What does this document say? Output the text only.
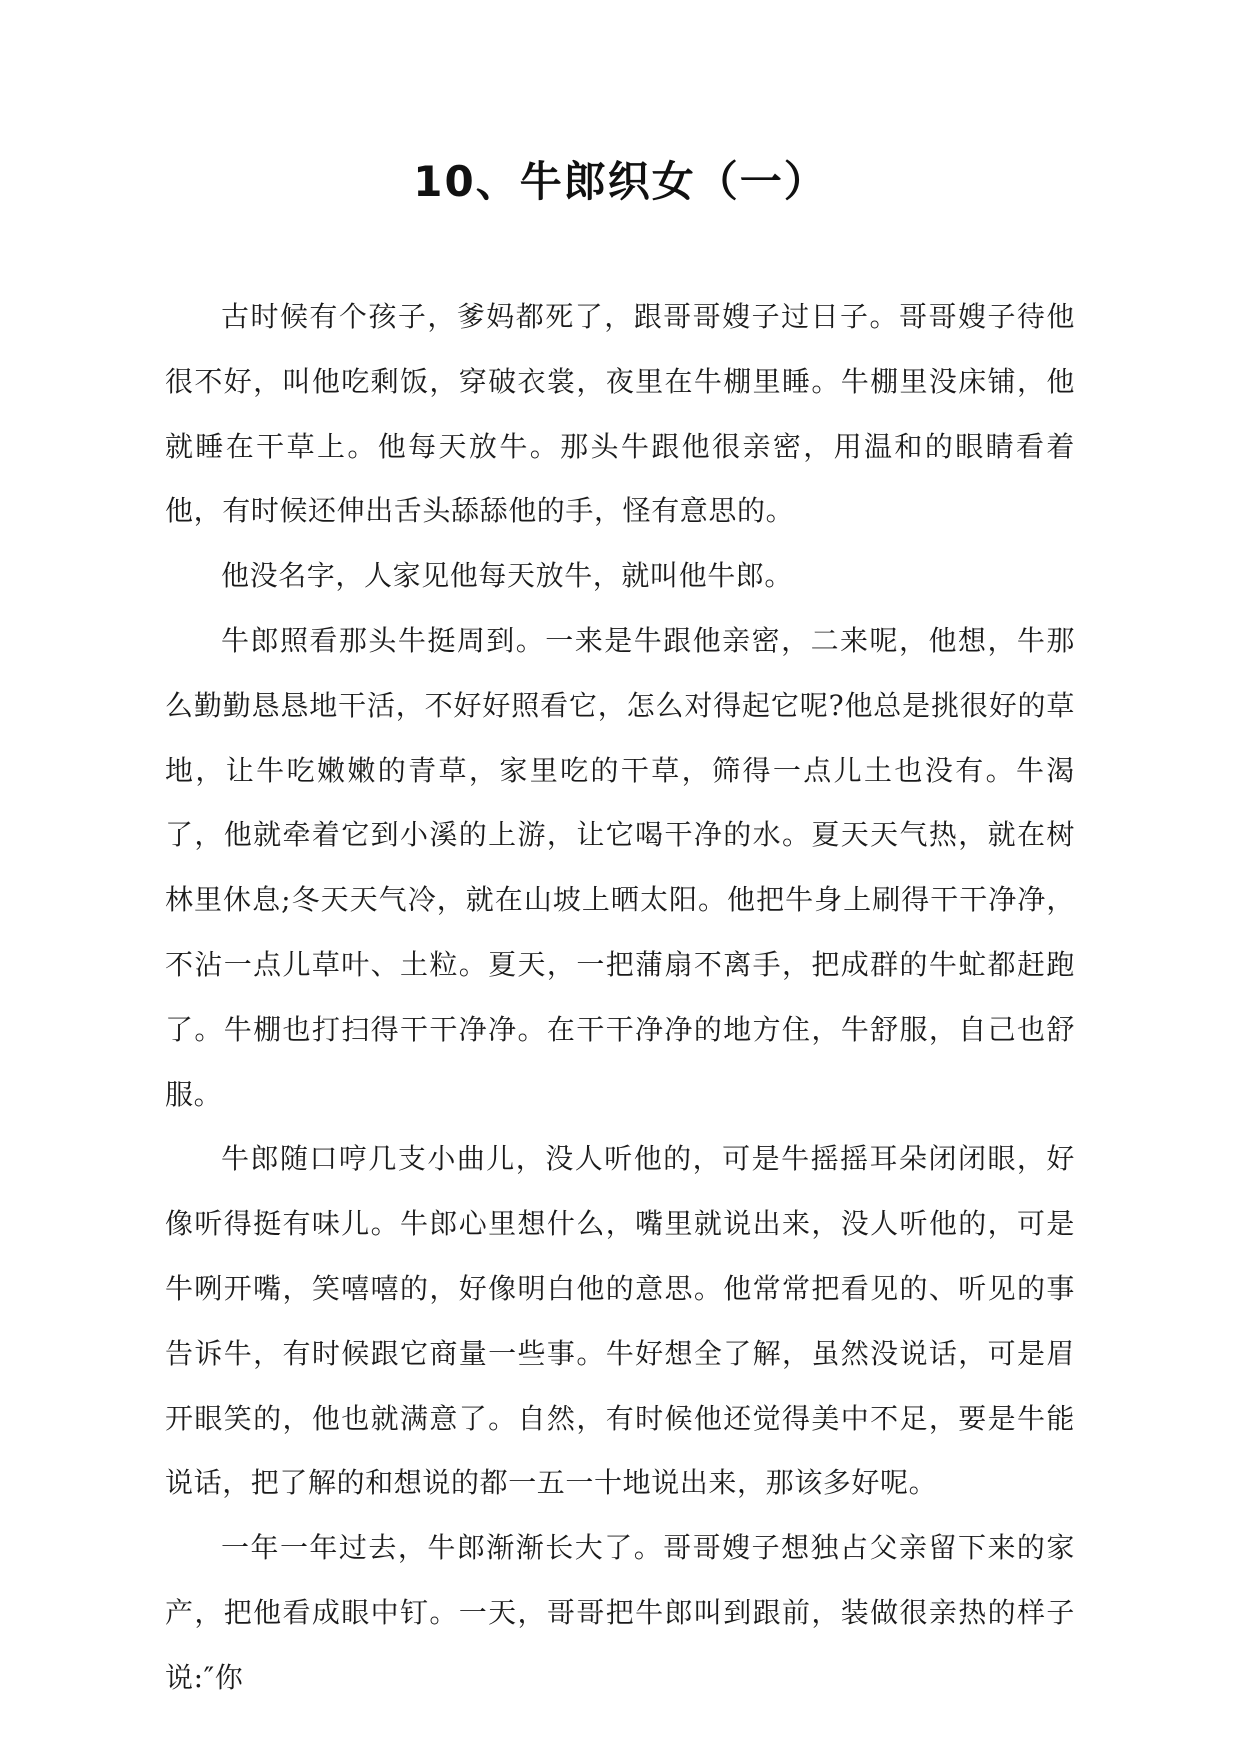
10、牛郎织女（一）

古时候有个孩子，爹妈都死了，跟哥哥嫂子过日子。哥哥嫂子待他很不好，叫他吃剩饭，穿破衣裳，夜里在牛棚里睡。牛棚里没床铺，他就睡在干草上。他每天放牛。那头牛跟他很亲密，用温和的眼睛看着他，有时候还伸出舌头舔舔他的手，怪有意思的。

他没名字，人家见他每天放牛，就叫他牛郎。

牛郎照看那头牛挺周到。一来是牛跟他亲密，二来呢，他想，牛那么勤勤恳恳地干活，不好好照看它，怎么对得起它呢?他总是挑很好的草地，让牛吃嫩嫩的青草，家里吃的干草，筛得一点儿土也没有。牛渴了，他就牵着它到小溪的上游，让它喝干净的水。夏天天气热，就在树林里休息;冬天天气冷，就在山坡上晒太阳。他把牛身上刷得干干净净，不沾一点儿草叶、土粒。夏天，一把蒲扇不离手，把成群的牛虻都赶跑了。牛棚也打扫得干干净净。在干干净净的地方住，牛舒服，自己也舒服。

牛郎随口哼几支小曲儿，没人听他的，可是牛摇摇耳朵闭闭眼，好像听得挺有味儿。牛郎心里想什么，嘴里就说出来，没人听他的，可是牛咧开嘴，笑嘻嘻的，好像明白他的意思。他常常把看见的、听见的事告诉牛，有时候跟它商量一些事。牛好想全了解，虽然没说话，可是眉开眼笑的，他也就满意了。自然，有时候他还觉得美中不足，要是牛能说话，把了解的和想说的都一五一十地说出来，那该多好呢。

一年一年过去，牛郎渐渐长大了。哥哥嫂子想独占父亲留下来的家产，把他看成眼中钉。一天，哥哥把牛郎叫到跟前，装做很亲热的样子说:″你
